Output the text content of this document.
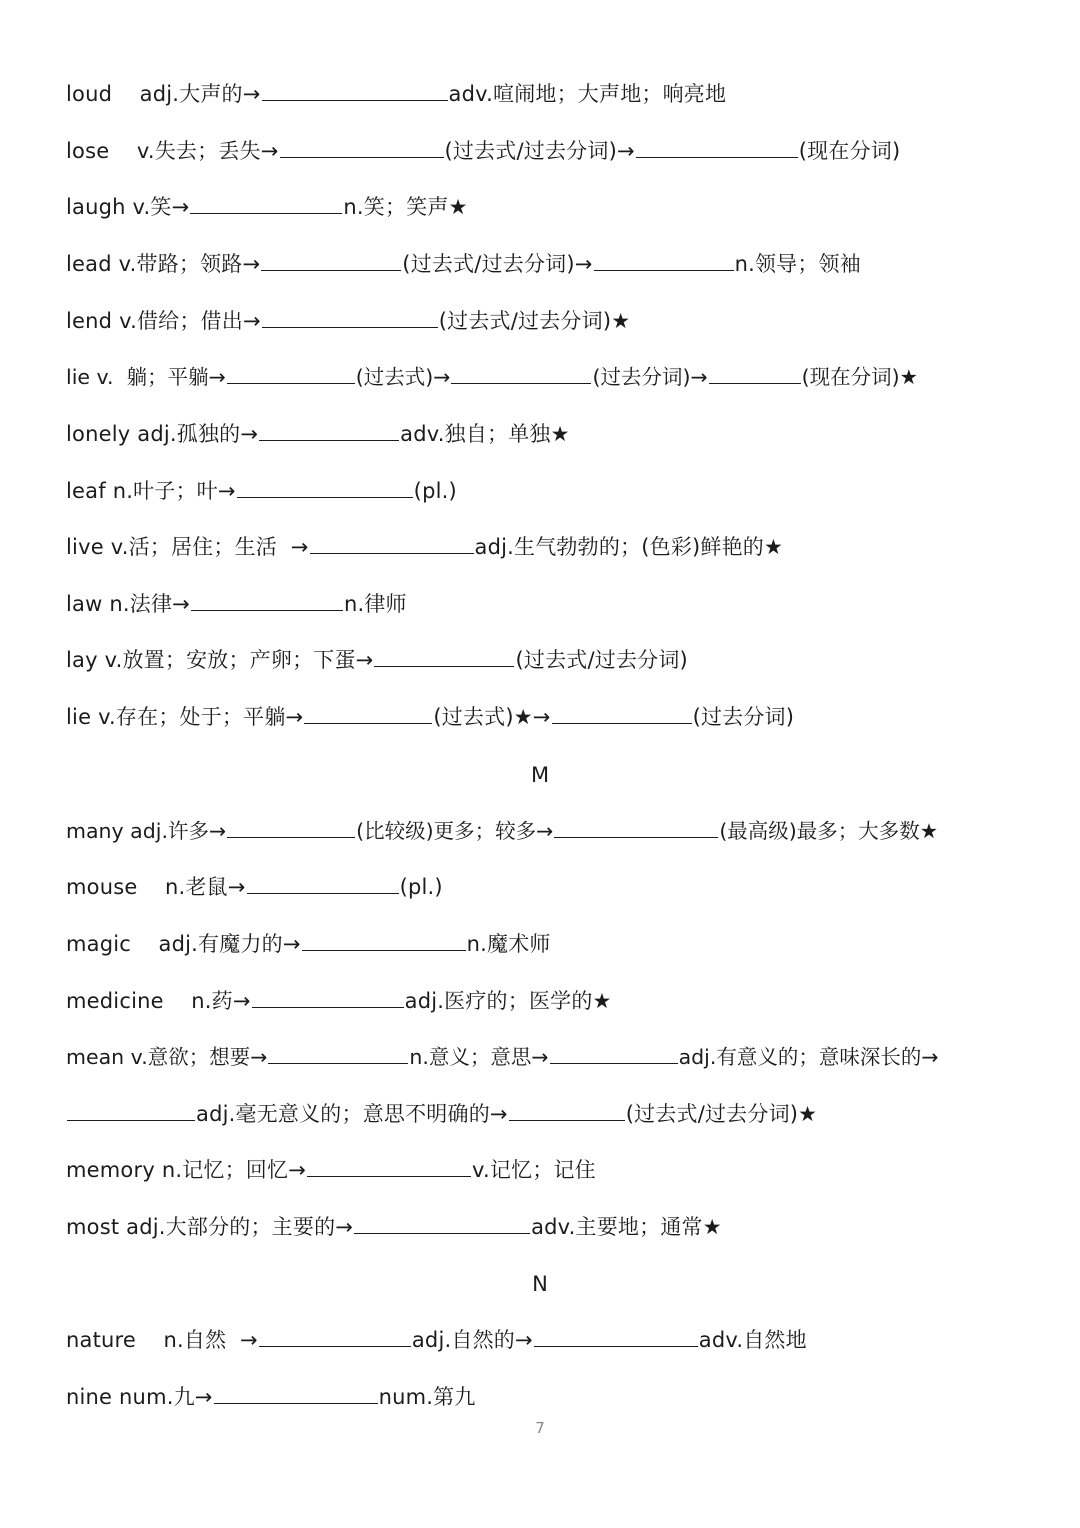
loud    adj.大声的→	adv.喧闹地；大声地；响亮地
lose    v.失去；丢失→	(过去式/过去分词)→	(现在分词)
laugh v.笑→	n.笑；笑声★
lead v.带路；领路→	(过去式/过去分词)→	n.领导；领袖
lend v.借给；借出→	(过去式/过去分词)★
lie v.  躺；平躺→	(过去式)→	(过去分词)→	(现在分词)★
lonely adj.孤独的→	adv.独自；单独★
leaf n.叶子；叶→	(pl.)
live v.活；居住；生活  →	adj.生气勃勃的；(色彩)鲜艳的★
law n.法律→	n.律师
lay v.放置；安放；产卵；下蛋→	(过去式/过去分词)
lie v.存在；处于；平躺→	(过去式)★→	(过去分词)
M
many adj.许多→	(比较级)更多；较多→	(最高级)最多；大多数★
mouse    n.老鼠→	(pl.)
magic    adj.有魔力的→	n.魔术师
medicine    n.药→	adj.医疗的；医学的★
mean v.意欲；想要→	n.意义；意思→	adj.有意义的；意味深长的→
adj.毫无意义的；意思不明确的→	(过去式/过去分词)★
memory n.记忆；回忆→	v.记忆；记住
most adj.大部分的；主要的→	adv.主要地；通常★
N
nature    n.自然  →	adj.自然的→	adv.自然地
nine num.九→	num.第九
7
